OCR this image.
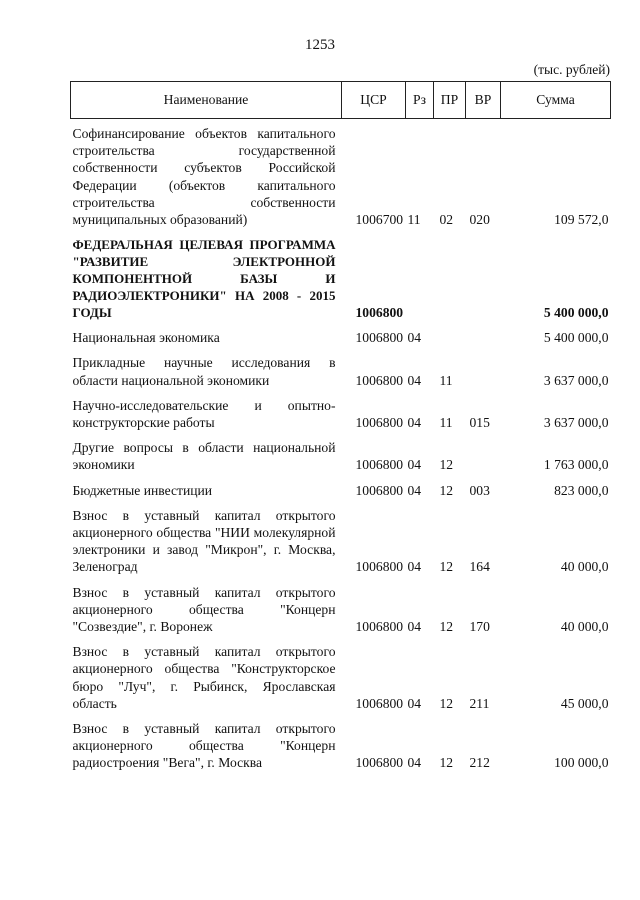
1253
(тыс. рублей)
Наименование	ЦСР	Рз	ПР	ВР	Сумма
Софинансирование объектов капитального строительства государственной собственности субъектов Российской Федерации (объектов капитального строительства собственности муниципальных образований)	1006700	11	02	020	109 572,0
ФЕДЕРАЛЬНАЯ ЦЕЛЕВАЯ ПРОГРАММА "РАЗВИТИЕ ЭЛЕКТРОННОЙ КОМПОНЕНТНОЙ БАЗЫ И РАДИОЭЛЕКТРОНИКИ" НА 2008 - 2015 ГОДЫ	1006800				5 400 000,0
Национальная экономика	1006800	04			5 400 000,0
Прикладные научные исследования в области национальной экономики	1006800	04	11		3 637 000,0
Научно-исследовательские и опытно-конструкторские работы	1006800	04	11	015	3 637 000,0
Другие вопросы в области национальной экономики	1006800	04	12		1 763 000,0
Бюджетные инвестиции	1006800	04	12	003	823 000,0
Взнос в уставный капитал открытого акционерного общества "НИИ молекулярной электроники и завод "Микрон", г. Москва, Зеленоград	1006800	04	12	164	40 000,0
Взнос в уставный капитал открытого акционерного общества "Концерн "Созвездие", г. Воронеж	1006800	04	12	170	40 000,0
Взнос в уставный капитал открытого акционерного общества "Конструкторское бюро "Луч", г. Рыбинск, Ярославская область	1006800	04	12	211	45 000,0
Взнос в уставный капитал открытого акционерного общества "Концерн радиостроения "Вега", г. Москва	1006800	04	12	212	100 000,0
